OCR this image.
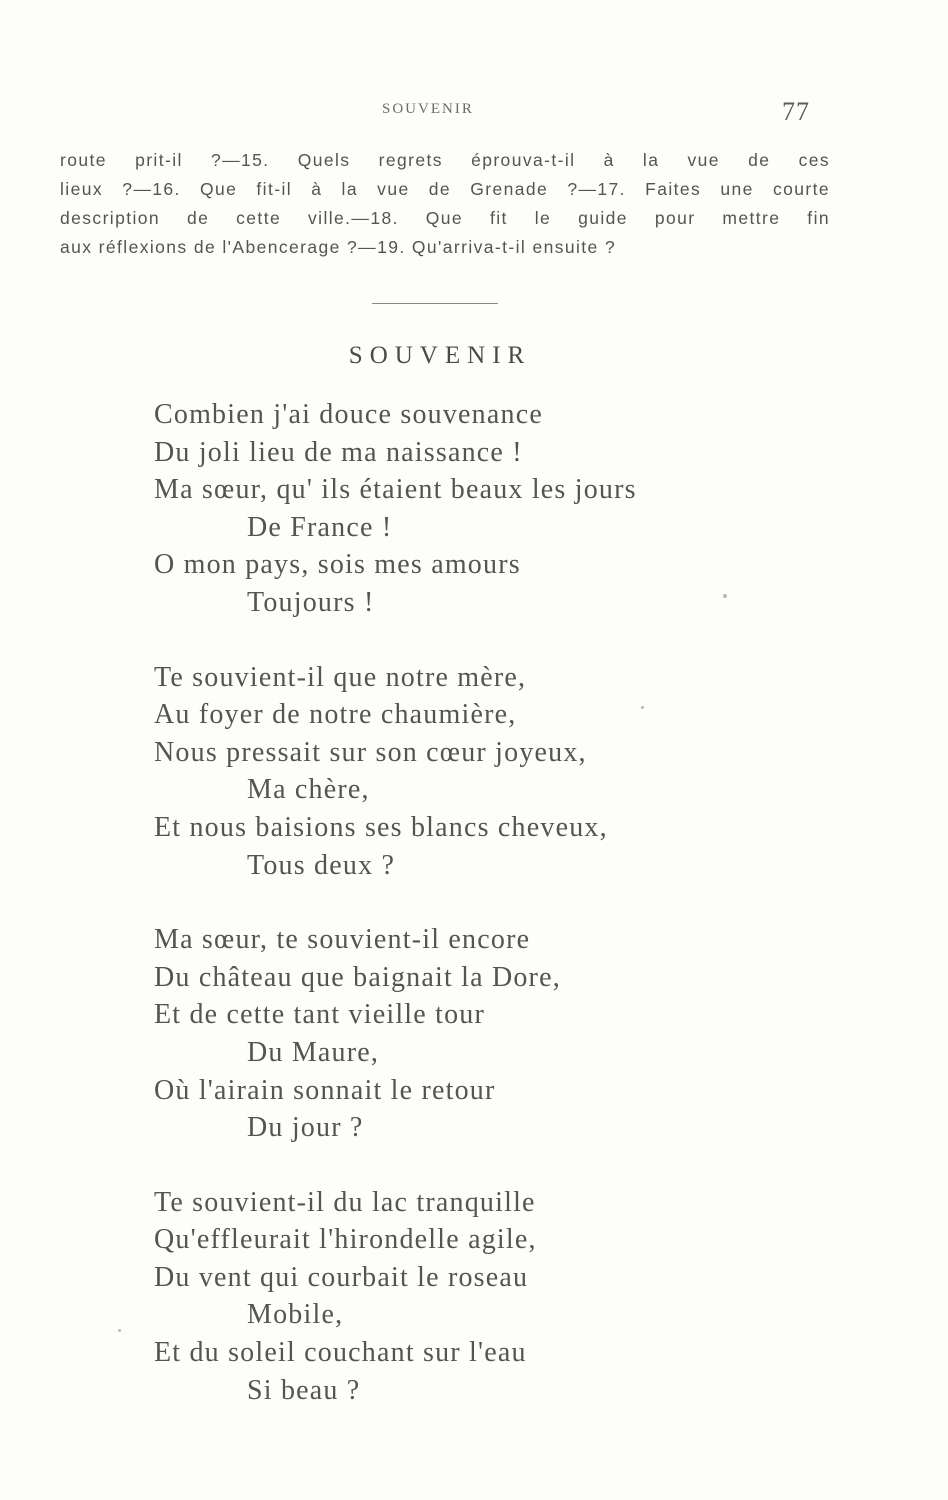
SOUVENIR	77
route prit-il ?—15. Quels regrets éprouva-t-il à la vue de ces
lieux ?—16. Que fit-il à la vue de Grenade ?—17. Faites une courte
description de cette ville.—18. Que fit le guide pour mettre fin
aux réflexions de l'Abencerage ?—19. Qu'arriva-t-il ensuite ?
SOUVENIR
Combien j'ai douce souvenance
Du joli lieu de ma naissance !
Ma sœur, qu' ils étaient beaux les jours
De France !
O mon pays, sois mes amours
Toujours !
Te souvient-il que notre mère,
Au foyer de notre chaumière,
Nous pressait sur son cœur joyeux,
Ma chère,
Et nous baisions ses blancs cheveux,
Tous deux ?
Ma sœur, te souvient-il encore
Du château que baignait la Dore,
Et de cette tant vieille tour
Du Maure,
Où l'airain sonnait le retour
Du jour ?
Te souvient-il du lac tranquille
Qu'effleurait l'hirondelle agile,
Du vent qui courbait le roseau
Mobile,
Et du soleil couchant sur l'eau
Si beau ?
